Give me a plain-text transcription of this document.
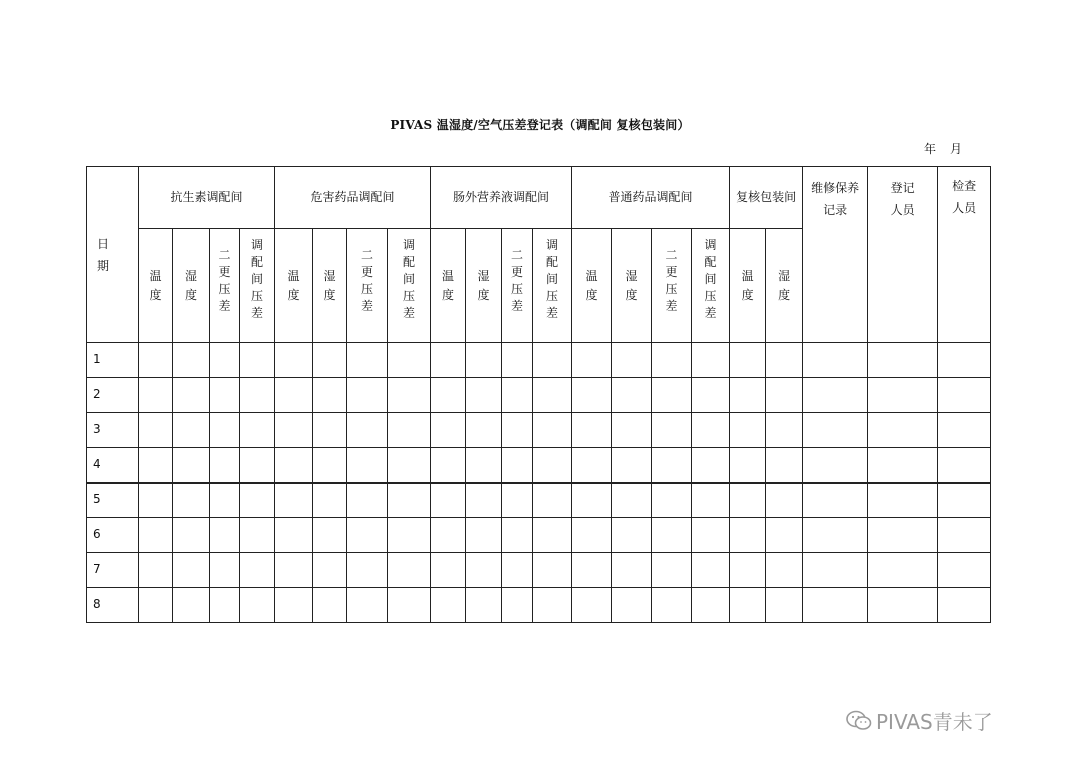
PIVAS 温湿度/空气压差登记表（调配间 复核包装间）
年 月
日期	抗生素调配间				危害药品调配间				肠外营养液调配间				普通药品调配间				复核包装间		维修保养记录	登记人员	检查人员
	温度	湿度	二更压差	调配间压差	温度	湿度	二更压差	调配间压差	温度	湿度	二更压差	调配间压差	温度	湿度	二更压差	调配间压差	温度	湿度			
1																					
2																					
3																					
4																					
5																					
6																					
7																					
8																					
PIVAS青未了
